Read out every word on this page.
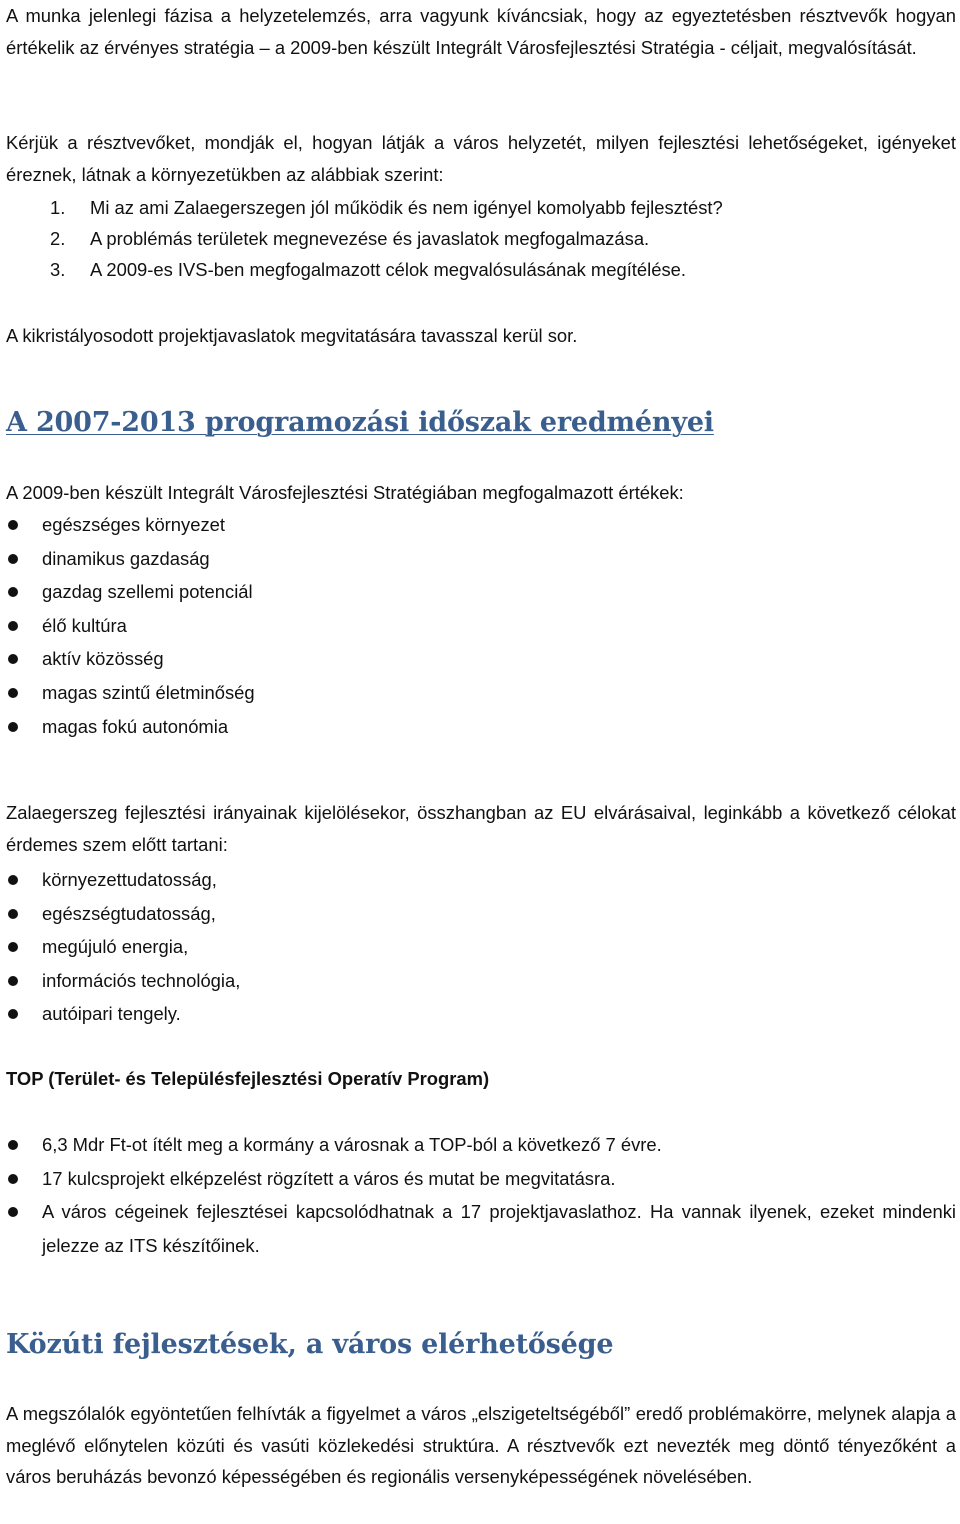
A munka jelenlegi fázisa a helyzetelemzés, arra vagyunk kíváncsiak, hogy az egyeztetésben résztvevők hogyan értékelik az érvényes stratégia – a 2009-ben készült Integrált Városfejlesztési Stratégia - céljait, megvalósítását.

Kérjük a résztvevőket, mondják el, hogyan látják a város helyzetét, milyen fejlesztési lehetőségeket, igényeket éreznek, látnak a környezetükben az alábbiak szerint:

1. Mi az ami Zalaegerszegen jól működik és nem igényel komolyabb fejlesztést?
2. A problémás területek megnevezése és javaslatok megfogalmazása.
3. A 2009-es IVS-ben megfogalmazott célok megvalósulásának megítélése.

A kikristályosodott projektjavaslatok megvitatására tavasszal kerül sor.

A 2007-2013 programozási időszak eredményei

A 2009-ben készült Integrált Városfejlesztési Stratégiában megfogalmazott értékek:

egészséges környezet
dinamikus gazdaság
gazdag szellemi potenciál
élő kultúra
aktív közösség
magas szintű életminőség
magas fokú autonómia

Zalaegerszeg fejlesztési irányainak kijelölésekor, összhangban az EU elvárásaival, leginkább a következő célokat érdemes szem előtt tartani:

környezettudatosság,
egészségtudatosság,
megújuló energia,
információs technológia,
autóipari tengely.

TOP (Terület- és Településfejlesztési Operatív Program)

6,3 Mdr Ft-ot ítélt meg a kormány a városnak a TOP-ból a következő 7 évre.
17 kulcsprojekt elképzelést rögzített a város és mutat be megvitatásra.
A város cégeinek fejlesztései kapcsolódhatnak a 17 projektjavaslathoz. Ha vannak ilyenek, ezeket mindenki jelezze az ITS készítőinek.
Közúti fejlesztések, a város elérhetősége

A megszólalók egyöntetűen felhívták a figyelmet a város „elszigeteltségéből” eredő problémakörre, melynek alapja a meglévő előnytelen közúti és vasúti közlekedési struktúra. A résztvevők ezt nevezték meg döntő tényezőként a város beruházás bevonzó képességében és regionális versenyképességének növelésében.
